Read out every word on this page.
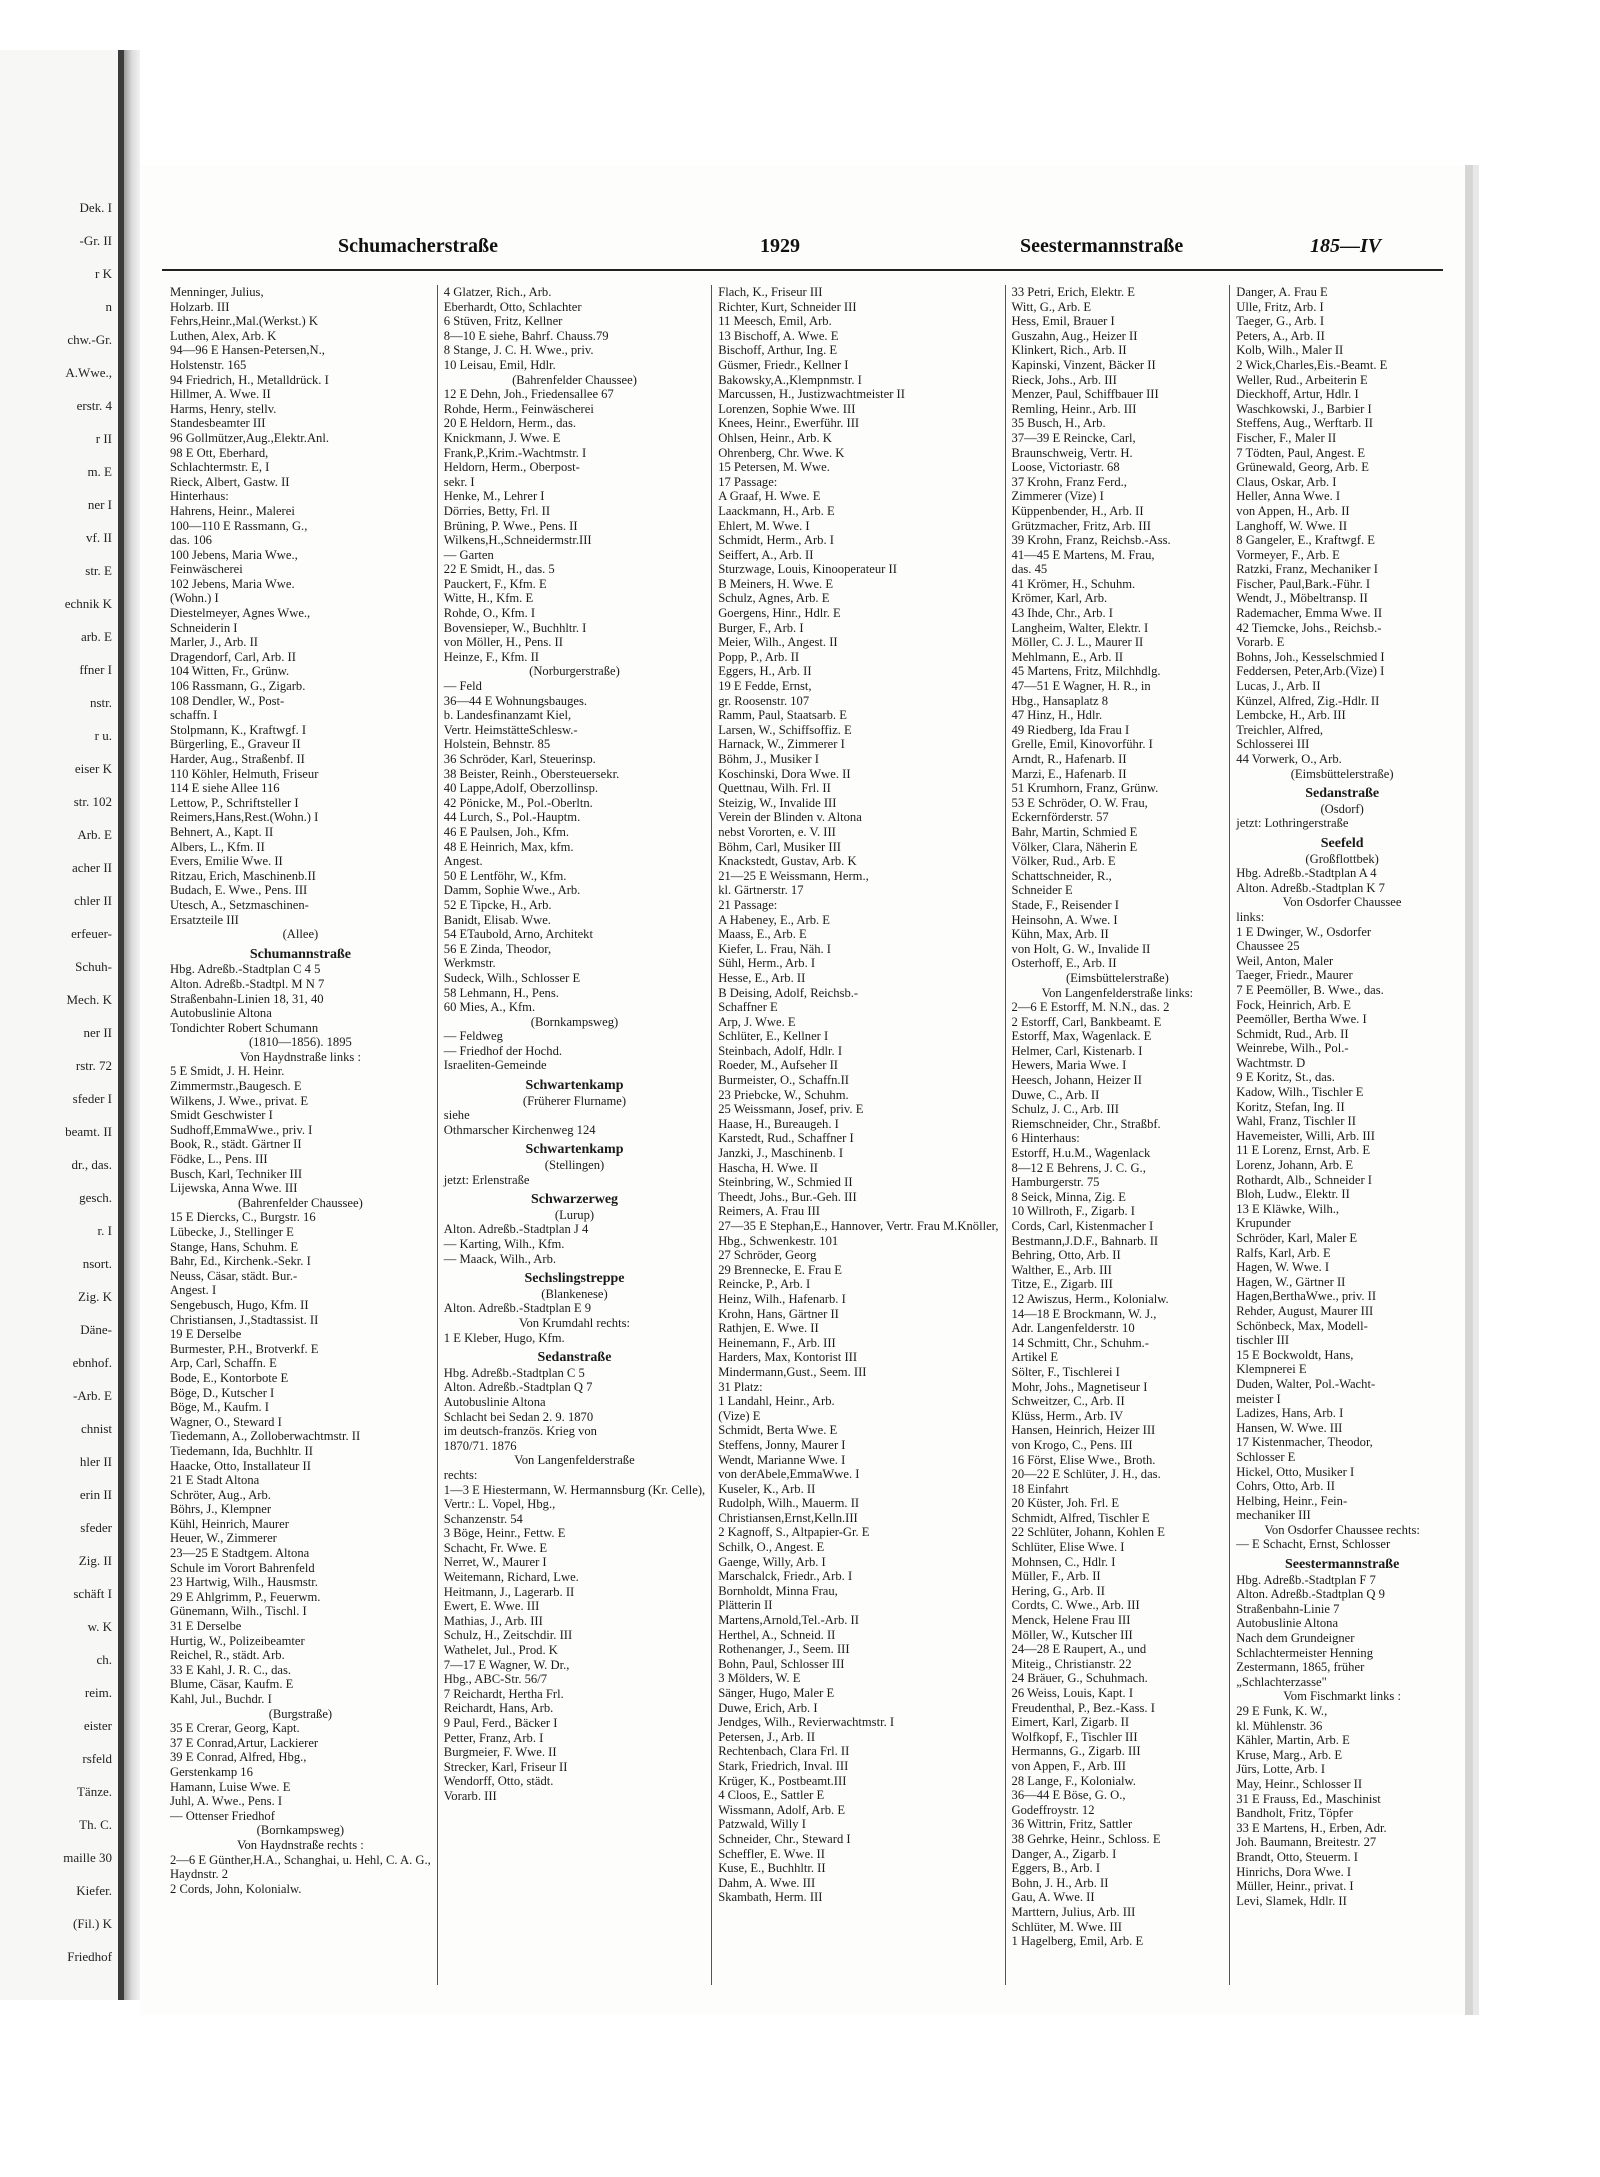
Dek. I
-Gr. II
r K
n
chw.-Gr.
A.Wwe.,
erstr. 4
r II
m. E
ner I
vf. II
str. E
echnik K
arb. E
ffner I
nstr.
r u.
eiser K
str. 102
Arb. E
acher II
chler II
erfeuer-
Schuh-
Mech. K
ner II
rstr. 72
sfeder I
beamt. II
dr., das.
gesch.
r. I
nsort.
Zig. K
Däne-
ebnhof.
-Arb. E
chnist
hler II
erin II
sfeder
Zig. II
schäft I
w. K
ch.
reim.
eister
rsfeld
Tänze.
Th. C.
maille 30
Kiefer.
(Fil.) K
Friedhof
Schumacherstraße	1929	Seestermannstraße	185—IV
Menninger, Julius,
Holzarb. III
Fehrs,Heinr.,Mal.(Werkst.) K
Luthen, Alex, Arb. K
94—96 E Hansen-Petersen,N.,
Holstenstr. 165
94 Friedrich, H., Metalldrück. I
Hillmer, A. Wwe. II
Harms, Henry, stellv.
Standesbeamter III
96 Gollmützer,Aug.,Elektr.Anl.
98 E Ott, Eberhard,
Schlachtermstr. E, I
Rieck, Albert, Gastw. II
Hinterhaus:
Hahrens, Heinr., Malerei
100—110 E Rassmann, G.,
das. 106
100 Jebens, Maria Wwe.,
Feinwäscherei
102 Jebens, Maria Wwe.
(Wohn.) I
Diestelmeyer, Agnes Wwe.,
Schneiderin I
Marler, J., Arb. II
Dragendorf, Carl, Arb. II
104 Witten, Fr., Grünw.
106 Rassmann, G., Zigarb.
108 Dendler, W., Post-
schaffn. I
Stolpmann, K., Kraftwgf. I
Bürgerling, E., Graveur II
Harder, Aug., Straßenbf. II
110 Köhler, Helmuth, Friseur
114 E siehe Allee 116
Lettow, P., Schriftsteller I
Reimers,Hans,Rest.(Wohn.) I
Behnert, A., Kapt. II
Albers, L., Kfm. II
Evers, Emilie Wwe. II
Ritzau, Erich, Maschinenb.II
Budach, E. Wwe., Pens. III
Utesch, A., Setzmaschinen-
Ersatzteile III
(Allee)
Schumannstraße
Hbg. Adreßb.-Stadtplan C 4 5
Alton. Adreßb.-Stadtpl. M N 7
Straßenbahn-Linien 18, 31, 40
Autobuslinie Altona
Tondichter Robert Schumann
(1810—1856). 1895
Von Haydnstraße links :
5 E Smidt, J. H. Heinr.
Zimmermstr.,Baugesch. E
Wilkens, J. Wwe., privat. E
Smidt Geschwister I
Sudhoff,EmmaWwe., priv. I
Book, R., städt. Gärtner II
Födke, L., Pens. III
Busch, Karl, Techniker III
Lijewska, Anna Wwe. III
(Bahrenfelder Chaussee)
15 E Diercks, C., Burgstr. 16
Lübecke, J., Stellinger E
Stange, Hans, Schuhm. E
Bahr, Ed., Kirchenk.-Sekr. I
Neuss, Cäsar, städt. Bur.-
Angest. I
Sengebusch, Hugo, Kfm. II
Christiansen, J.,Stadtassist. II
19 E Derselbe
Burmester, P.H., Brotverkf. E
Arp, Carl, Schaffn. E
Bode, E., Kontorbote E
Böge, D., Kutscher I
Böge, M., Kaufm. I
Wagner, O., Steward I
Tiedemann, A., Zolloberwachtmstr. II
Tiedemann, Ida, Buchhltr. II
Haacke, Otto, Installateur II
21 E Stadt Altona
Schröter, Aug., Arb.
Böhrs, J., Klempner
Kühl, Heinrich, Maurer
Heuer, W., Zimmerer
23—25 E Stadtgem. Altona
Schule im Vorort Bahrenfeld
23 Hartwig, Wilh., Hausmstr.
29 E Ahlgrimm, P., Feuerwm.
Günemann, Wilh., Tischl. I
31 E Derselbe
Hurtig, W., Polizeibeamter
Reichel, R., städt. Arb.
33 E Kahl, J. R. C., das.
Blume, Cäsar, Kaufm. E
Kahl, Jul., Buchdr. I
(Burgstraße)
35 E Crerar, Georg, Kapt.
37 E Conrad,Artur, Lackierer
39 E Conrad, Alfred, Hbg.,
Gerstenkamp 16
Hamann, Luise Wwe. E
Juhl, A. Wwe., Pens. I
— Ottenser Friedhof
(Bornkampsweg)
Von Haydnstraße rechts :
2—6 E Günther,H.A., Schanghai, u. Hehl, C. A. G.,
Haydnstr. 2
2 Cords, John, Kolonialw.
4 Glatzer, Rich., Arb.
Eberhardt, Otto, Schlachter
6 Stüven, Fritz, Kellner
8—10 E siehe, Bahrf. Chauss.79
8 Stange, J. C. H. Wwe., priv.
10 Leisau, Emil, Hdlr.
(Bahrenfelder Chaussee)
12 E Dehn, Joh., Friedensallee 67
Rohde, Herm., Feinwäscherei
20 E Heldorn, Herm., das.
Knickmann, J. Wwe. E
Frank,P.,Krim.-Wachtmstr. I
Heldorn, Herm., Oberpost-
sekr. I
Henke, M., Lehrer I
Dörries, Betty, Frl. II
Brüning, P. Wwe., Pens. II
Wilkens,H.,Schneidermstr.III
— Garten
22 E Smidt, H., das. 5
Pauckert, F., Kfm. E
Witte, H., Kfm. E
Rohde, O., Kfm. I
Bovensieper, W., Buchhltr. I
von Möller, H., Pens. II
Heinze, F., Kfm. II
(Norburgerstraße)
— Feld
36—44 E Wohnungsbauges.
b. Landesfinanzamt Kiel,
Vertr. HeimstätteSchlesw.-
Holstein, Behnstr. 85
36 Schröder, Karl, Steuerinsp.
38 Beister, Reinh., Obersteuersekr.
40 Lappe,Adolf, Oberzollinsp.
42 Pönicke, M., Pol.-Oberltn.
44 Lurch, S., Pol.-Hauptm.
46 E Paulsen, Joh., Kfm.
48 E Heinrich, Max, kfm.
Angest.
50 E Lentföhr, W., Kfm.
Damm, Sophie Wwe., Arb.
52 E Tipcke, H., Arb.
Banidt, Elisab. Wwe.
54 ETaubold, Arno, Architekt
56 E Zinda, Theodor,
Werkmstr.
Sudeck, Wilh., Schlosser E
58 Lehmann, H., Pens.
60 Mies, A., Kfm.
(Bornkampsweg)
— Feldweg
— Friedhof der Hochd.
Israeliten-Gemeinde
Schwartenkamp
(Früherer Flurname)
siehe
Othmarscher Kirchenweg 124
Schwartenkamp
(Stellingen)
jetzt: Erlenstraße
Schwarzerweg
(Lurup)
Alton. Adreßb.-Stadtplan J 4
— Karting, Wilh., Kfm.
— Maack, Wilh., Arb.
Sechslingstreppe
(Blankenese)
Alton. Adreßb.-Stadtplan E 9
Von Krumdahl rechts:
1 E Kleber, Hugo, Kfm.
Sedanstraße
Hbg. Adreßb.-Stadtplan C 5
Alton. Adreßb.-Stadtplan Q 7
Autobuslinie Altona
Schlacht bei Sedan 2. 9. 1870
im deutsch-französ. Krieg von
1870/71. 1876
Von Langenfelderstraße
rechts:
1—3 E Hiestermann, W. Hermannsburg (Kr. Celle),
Vertr.: L. Vopel, Hbg.,
Schanzenstr. 54
3 Böge, Heinr., Fettw. E
Schacht, Fr. Wwe. E
Nerret, W., Maurer I
Weitemann, Richard, Lwe.
Heitmann, J., Lagerarb. II
Ewert, E. Wwe. III
Mathias, J., Arb. III
Schulz, H., Zeitschdir. III
Wathelet, Jul., Prod. K
7—17 E Wagner, W. Dr.,
Hbg., ABC-Str. 56/7
7 Reichardt, Hertha Frl.
Reichardt, Hans, Arb.
9 Paul, Ferd., Bäcker I
Petter, Franz, Arb. I
Burgmeier, F. Wwe. II
Strecker, Karl, Friseur II
Wendorff, Otto, städt.
Vorarb. III
Flach, K., Friseur III
Richter, Kurt, Schneider III
11 Meesch, Emil, Arb.
13 Bischoff, A. Wwe. E
Bischoff, Arthur, Ing. E
Güsmer, Friedr., Kellner I
Bakowsky,A.,Klempnmstr. I
Marcussen, H., Justizwachtmeister II
Lorenzen, Sophie Wwe. III
Knees, Heinr., Ewerführ. III
Ohlsen, Heinr., Arb. K
Ohrenberg, Chr. Wwe. K
15 Petersen, M. Wwe.
17 Passage:
A Graaf, H. Wwe. E
Laackmann, H., Arb. E
Ehlert, M. Wwe. I
Schmidt, Herm., Arb. I
Seiffert, A., Arb. II
Sturzwage, Louis, Kinooperateur II
B Meiners, H. Wwe. E
Schulz, Agnes, Arb. E
Goergens, Hinr., Hdlr. E
Burger, F., Arb. I
Meier, Wilh., Angest. II
Popp, P., Arb. II
Eggers, H., Arb. II
19 E Fedde, Ernst,
gr. Roosenstr. 107
Ramm, Paul, Staatsarb. E
Larsen, W., Schiffsoffiz. E
Harnack, W., Zimmerer I
Böhm, J., Musiker I
Koschinski, Dora Wwe. II
Quettnau, Wilh. Frl. II
Steizig, W., Invalide III
Verein der Blinden v. Altona
nebst Vororten, e. V. III
Böhm, Carl, Musiker III
Knackstedt, Gustav, Arb. K
21—25 E Weissmann, Herm.,
kl. Gärtnerstr. 17
21 Passage:
A Habeney, E., Arb. E
Maass, E., Arb. E
Kiefer, L. Frau, Näh. I
Sühl, Herm., Arb. I
Hesse, E., Arb. II
B Deising, Adolf, Reichsb.-
Schaffner E
Arp, J. Wwe. E
Schlüter, E., Kellner I
Steinbach, Adolf, Hdlr. I
Roeder, M., Aufseher II
Burmeister, O., Schaffn.II
23 Priebcke, W., Schuhm.
25 Weissmann, Josef, priv. E
Haase, H., Bureaugeh. I
Karstedt, Rud., Schaffner I
Janzki, J., Maschinenb. I
Hascha, H. Wwe. II
Steinbring, W., Schmied II
Theedt, Johs., Bur.-Geh. III
Reimers, A. Frau III
27—35 E Stephan,E., Hannover, Vertr. Frau M.Knöller,
Hbg., Schwenkestr. 101
27 Schröder, Georg
29 Brennecke, E. Frau E
Reincke, P., Arb. I
Heinz, Wilh., Hafenarb. I
Krohn, Hans, Gärtner II
Rathjen, E. Wwe. II
Heinemann, F., Arb. III
Harders, Max, Kontorist III
Mindermann,Gust., Seem. III
31 Platz:
1 Landahl, Heinr., Arb.
(Vize) E
Schmidt, Berta Wwe. E
Steffens, Jonny, Maurer I
Wendt, Marianne Wwe. I
von derAbele,EmmaWwe. I
Kuseler, K., Arb. II
Rudolph, Wilh., Mauerm. II
Christiansen,Ernst,Kelln.III
2 Kagnoff, S., Altpapier-Gr. E
Schilk, O., Angest. E
Gaenge, Willy, Arb. I
Marschalck, Friedr., Arb. I
Bornholdt, Minna Frau,
Plätterin II
Martens,Arnold,Tel.-Arb. II
Herthel, A., Schneid. II
Rothenanger, J., Seem. III
Bohn, Paul, Schlosser III
3 Mölders, W. E
Sänger, Hugo, Maler E
Duwe, Erich, Arb. I
Jendges, Wilh., Revierwachtmstr. I
Petersen, J., Arb. II
Rechtenbach, Clara Frl. II
Stark, Friedrich, Inval. III
Krüger, K., Postbeamt.III
4 Cloos, E., Sattler E
Wissmann, Adolf, Arb. E
Patzwald, Willy I
Schneider, Chr., Steward I
Scheffler, E. Wwe. II
Kuse, E., Buchhltr. II
Dahm, A. Wwe. III
Skambath, Herm. III
33 Petri, Erich, Elektr. E
Witt, G., Arb. E
Hess, Emil, Brauer I
Guszahn, Aug., Heizer II
Klinkert, Rich., Arb. II
Kapinski, Vinzent, Bäcker II
Rieck, Johs., Arb. III
Menzer, Paul, Schiffbauer III
Remling, Heinr., Arb. III
35 Busch, H., Arb.
37—39 E Reincke, Carl,
Braunschweig, Vertr. H.
Loose, Victoriastr. 68
37 Krohn, Franz Ferd.,
Zimmerer (Vize) I
Küppenbender, H., Arb. II
Grützmacher, Fritz, Arb. III
39 Krohn, Franz, Reichsb.-Ass.
41—45 E Martens, M. Frau,
das. 45
41 Krömer, H., Schuhm.
Krömer, Karl, Arb.
43 Ihde, Chr., Arb. I
Langheim, Walter, Elektr. I
Möller, C. J. L., Maurer II
Mehlmann, E., Arb. II
45 Martens, Fritz, Milchhdlg.
47—51 E Wagner, H. R., in
Hbg., Hansaplatz 8
47 Hinz, H., Hdlr.
49 Riedberg, Ida Frau I
Grelle, Emil, Kinovorführ. I
Arndt, R., Hafenarb. II
Marzi, E., Hafenarb. II
51 Krumhorn, Franz, Grünw.
53 E Schröder, O. W. Frau,
Eckernförderstr. 57
Bahr, Martin, Schmied E
Völker, Clara, Näherin E
Völker, Rud., Arb. E
Schattschneider, R.,
Schneider E
Stade, F., Reisender I
Heinsohn, A. Wwe. I
Kühn, Max, Arb. II
von Holt, G. W., Invalide II
Osterhoff, E., Arb. II
(Eimsbüttelerstraße)
Von Langenfelderstraße links:
2—6 E Estorff, M. N.N., das. 2
2 Estorff, Carl, Bankbeamt. E
Estorff, Max, Wagenlack. E
Helmer, Carl, Kistenarb. I
Hewers, Maria Wwe. I
Heesch, Johann, Heizer II
Duwe, C., Arb. II
Schulz, J. C., Arb. III
Riemschneider, Chr., Straßbf.
6 Hinterhaus:
Estorff, H.u.M., Wagenlack
8—12 E Behrens, J. C. G.,
Hamburgerstr. 75
8 Seick, Minna, Zig. E
10 Willroth, F., Zigarb. I
Cords, Carl, Kistenmacher I
Bestmann,J.D.F., Bahnarb. II
Behring, Otto, Arb. II
Walther, E., Arb. III
Titze, E., Zigarb. III
12 Awiszus, Herm., Kolonialw.
14—18 E Brockmann, W. J.,
Adr. Langenfelderstr. 10
14 Schmitt, Chr., Schuhm.-
Artikel E
Sölter, F., Tischlerei I
Mohr, Johs., Magnetiseur I
Schweitzer, C., Arb. II
Klüss, Herm., Arb. IV
Hansen, Heinrich, Heizer III
von Krogo, C., Pens. III
16 Först, Elise Wwe., Broth.
20—22 E Schlüter, J. H., das.
18 Einfahrt
20 Küster, Joh. Frl. E
Schmidt, Alfred, Tischler E
22 Schlüter, Johann, Kohlen E
Schlüter, Elise Wwe. I
Mohnsen, C., Hdlr. I
Müller, F., Arb. II
Hering, G., Arb. II
Cordts, C. Wwe., Arb. III
Menck, Helene Frau III
Möller, W., Kutscher III
24—28 E Raupert, A., und
Miteig., Christianstr. 22
24 Bräuer, G., Schuhmach.
26 Weiss, Louis, Kapt. I
Freudenthal, P., Bez.-Kass. I
Eimert, Karl, Zigarb. II
Wolfkopf, F., Tischler III
Hermanns, G., Zigarb. III
von Appen, F., Arb. III
28 Lange, F., Kolonialw.
36—44 E Böse, G. O.,
Godeffroystr. 12
36 Wittrin, Fritz, Sattler
38 Gehrke, Heinr., Schloss. E
Danger, A., Zigarb. I
Eggers, B., Arb. I
Bohn, J. H., Arb. II
Gau, A. Wwe. II
Marttern, Julius, Arb. III
Schlüter, M. Wwe. III
1 Hagelberg, Emil, Arb. E
Danger, A. Frau E
Ulle, Fritz, Arb. I
Taeger, G., Arb. I
Peters, A., Arb. II
Kolb, Wilh., Maler II
2 Wick,Charles,Eis.-Beamt. E
Weller, Rud., Arbeiterin E
Dieckhoff, Artur, Hdlr. I
Waschkowski, J., Barbier I
Steffens, Aug., Werftarb. II
Fischer, F., Maler II
7 Tödten, Paul, Angest. E
Grünewald, Georg, Arb. E
Claus, Oskar, Arb. I
Heller, Anna Wwe. I
von Appen, H., Arb. II
Langhoff, W. Wwe. II
8 Gangeler, E., Kraftwgf. E
Vormeyer, F., Arb. E
Ratzki, Franz, Mechaniker I
Fischer, Paul,Bark.-Führ. I
Wendt, J., Möbeltransp. II
Rademacher, Emma Wwe. II
42 Tiemcke, Johs., Reichsb.-
Vorarb. E
Bohns, Joh., Kesselschmied I
Feddersen, Peter,Arb.(Vize) I
Lucas, J., Arb. II
Künzel, Alfred, Zig.-Hdlr. II
Lembcke, H., Arb. III
Treichler, Alfred,
Schlosserei III
44 Vorwerk, O., Arb.
(Eimsbüttelerstraße)
Sedanstraße
(Osdorf)
jetzt: Lothringerstraße
Seefeld
(Großflottbek)
Hbg. Adreßb.-Stadtplan A 4
Alton. Adreßb.-Stadtplan K 7
Von Osdorfer Chaussee
links:
1 E Dwinger, W., Osdorfer
Chaussee 25
Weil, Anton, Maler
Taeger, Friedr., Maurer
7 E Peemöller, B. Wwe., das.
Fock, Heinrich, Arb. E
Peemöller, Bertha Wwe. I
Schmidt, Rud., Arb. II
Weinrebe, Wilh., Pol.-
Wachtmstr. D
9 E Koritz, St., das.
Kadow, Wilh., Tischler E
Koritz, Stefan, Ing. II
Wahl, Franz, Tischler II
Havemeister, Willi, Arb. III
11 E Lorenz, Ernst, Arb. E
Lorenz, Johann, Arb. E
Rothardt, Alb., Schneider I
Bloh, Ludw., Elektr. II
13 E Kläwke, Wilh.,
Krupunder
Schröder, Karl, Maler E
Ralfs, Karl, Arb. E
Hagen, W. Wwe. I
Hagen, W., Gärtner II
Hagen,BerthaWwe., priv. II
Rehder, August, Maurer III
Schönbeck, Max, Modell-
tischler III
15 E Bockwoldt, Hans,
Klempnerei E
Duden, Walter, Pol.-Wacht-
meister I
Ladizes, Hans, Arb. I
Hansen, W. Wwe. III
17 Kistenmacher, Theodor,
Schlosser E
Hickel, Otto, Musiker I
Cohrs, Otto, Arb. II
Helbing, Heinr., Fein-
mechaniker III
Von Osdorfer Chaussee rechts:
— E Schacht, Ernst, Schlosser
Seestermannstraße
Hbg. Adreßb.-Stadtplan F 7
Alton. Adreßb.-Stadtplan Q 9
Straßenbahn-Linie 7
Autobuslinie Altona
Nach dem Grundeigner
Schlachtermeister Henning
Zestermann, 1865, früher
„Schlachterzasse"
Vom Fischmarkt links :
29 E Funk, K. W.,
kl. Mühlenstr. 36
Kähler, Martin, Arb. E
Kruse, Marg., Arb. E
Jürs, Lotte, Arb. I
May, Heinr., Schlosser II
31 E Frauss, Ed., Maschinist
Bandholt, Fritz, Töpfer
33 E Martens, H., Erben, Adr.
Joh. Baumann, Breitestr. 27
Brandt, Otto, Steuerm. I
Hinrichs, Dora Wwe. I
Müller, Heinr., privat. I
Levi, Slamek, Hdlr. II
